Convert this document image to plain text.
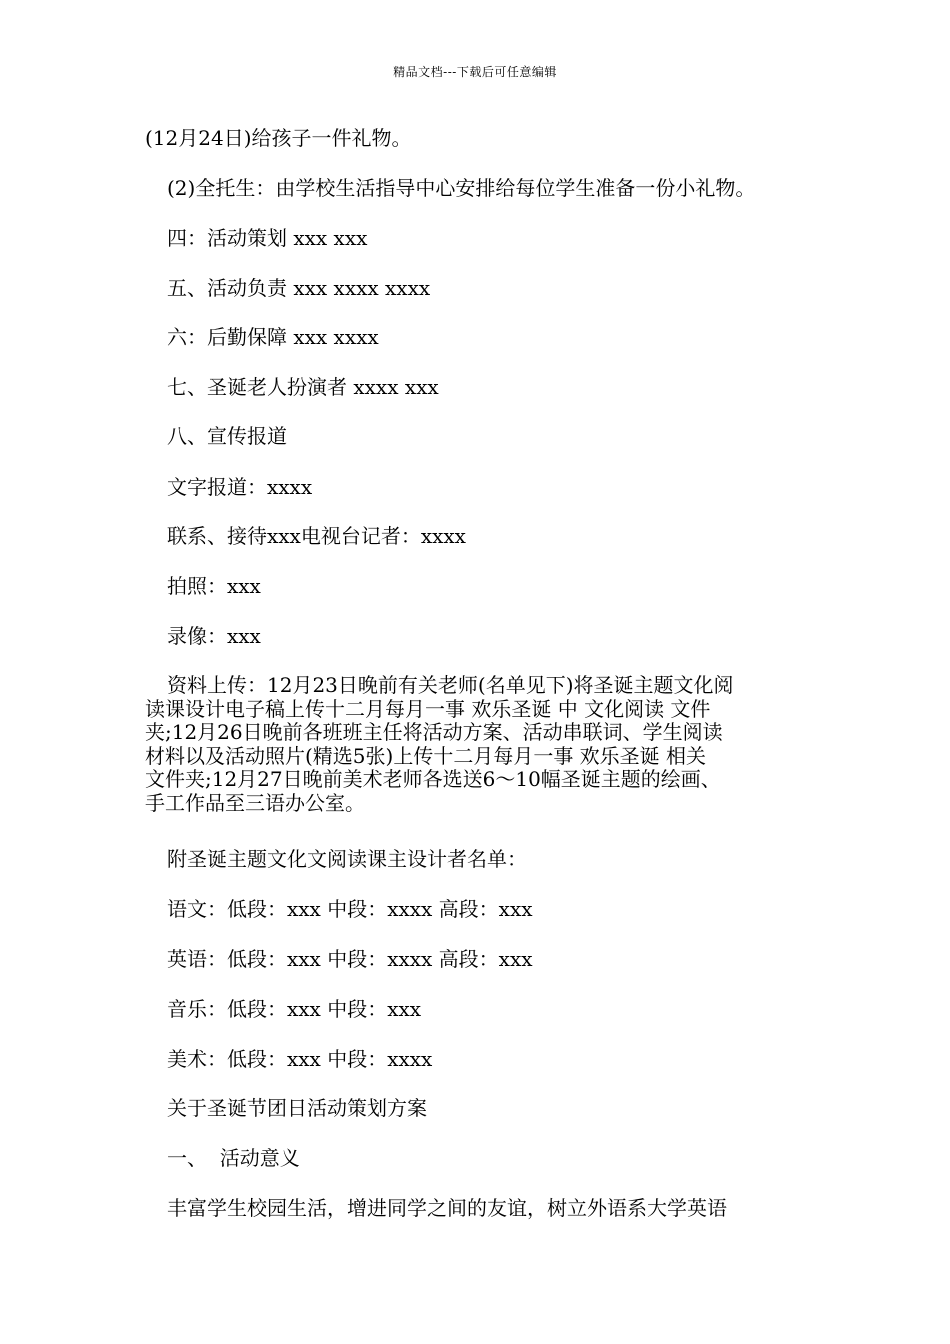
精品文档---下载后可任意编辑
(12月24日)给孩子一件礼物。
(2)全托生：由学校生活指导中心安排给每位学生准备一份小礼物。
四：活动策划 xxx xxx
五、活动负责 xxx xxxx xxxx
六：后勤保障 xxx xxxx
七、圣诞老人扮演者 xxxx xxx
八、宣传报道
文字报道：xxxx
联系、接待xxx电视台记者：xxxx
拍照：xxx
录像：xxx
资料上传：12月23日晚前有关老师(名单见下)将圣诞主题文化阅
读课设计电子稿上传十二月每月一事 欢乐圣诞 中 文化阅读 文件
夹;12月26日晚前各班班主任将活动方案、活动串联词、学生阅读
材料以及活动照片(精选5张)上传十二月每月一事 欢乐圣诞 相关
文件夹;12月27日晚前美术老师各选送6～10幅圣诞主题的绘画、
手工作品至三语办公室。
附圣诞主题文化文阅读课主设计者名单：
语文：低段：xxx 中段：xxxx 高段：xxx
英语：低段：xxx 中段：xxxx 高段：xxx
音乐：低段：xxx 中段：xxx
美术：低段：xxx 中段：xxxx
关于圣诞节团日活动策划方案
一、  活动意义
丰富学生校园生活，增进同学之间的友谊，树立外语系大学英语
